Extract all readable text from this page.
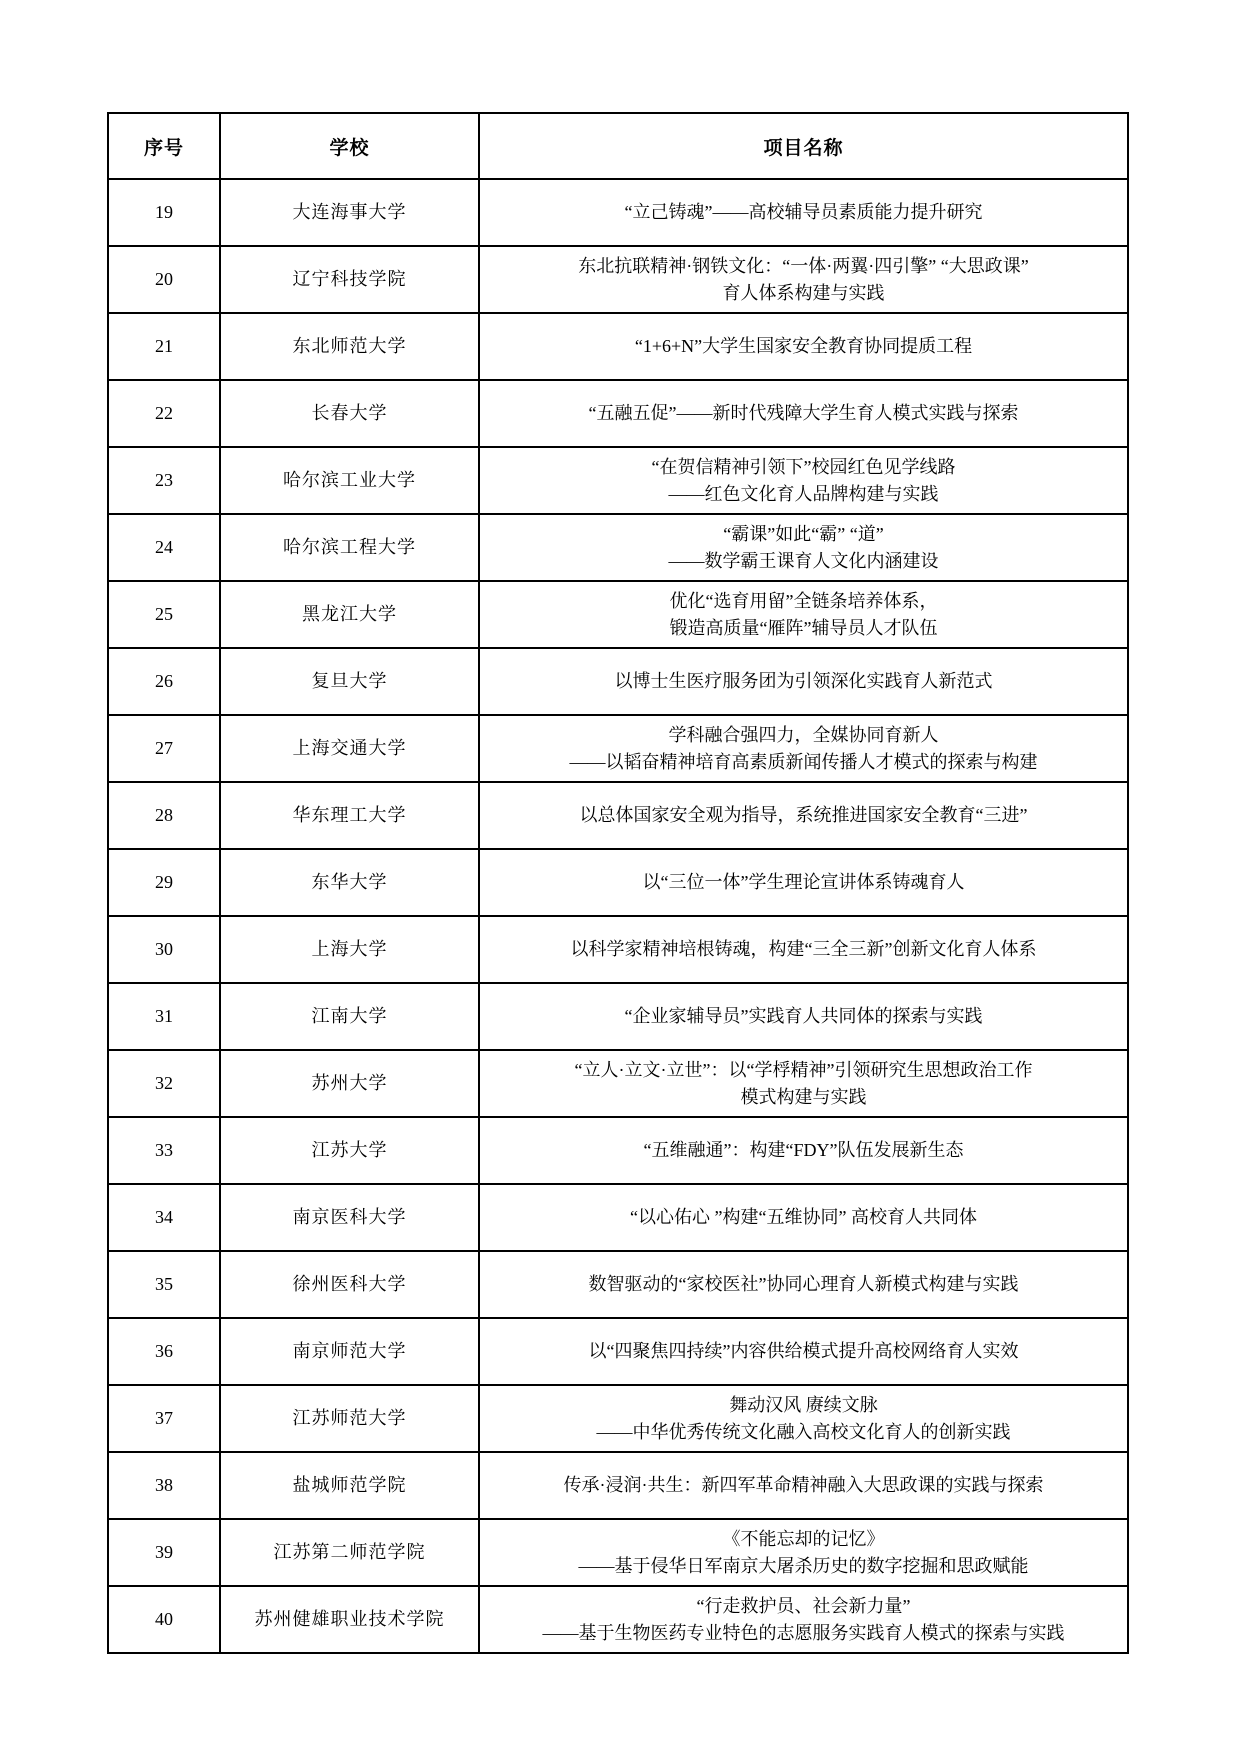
序号	学校	项目名称
19	大连海事大学	“立己铸魂”——高校辅导员素质能力提升研究

20	辽宁科技学院	东北抗联精神·钢铁文化：“一体·两翼·四引擎” “大思政课”
育人体系构建与实践

21	东北师范大学	“1+6+N”大学生国家安全教育协同提质工程

22	长春大学	“五融五促”——新时代残障大学生育人模式实践与探索

23	哈尔滨工业大学	“在贺信精神引领下”校园红色见学线路
——红色文化育人品牌构建与实践

24	哈尔滨工程大学	“霸课”如此“霸” “道”
——数学霸王课育人文化内涵建设

25	黑龙江大学	优化“选育用留”全链条培养体系，
锻造高质量“雁阵”辅导员人才队伍

26	复旦大学	以博士生医疗服务团为引领深化实践育人新范式

27	上海交通大学	学科融合强四力，全媒协同育新人
——以韬奋精神培育高素质新闻传播人才模式的探索与构建

28	华东理工大学	以总体国家安全观为指导，系统推进国家安全教育“三进”

29	东华大学	以“三位一体”学生理论宣讲体系铸魂育人

30	上海大学	以科学家精神培根铸魂，构建“三全三新”创新文化育人体系

31	江南大学	“企业家辅导员”实践育人共同体的探索与实践

32	苏州大学	“立人·立文·立世”：以“学桴精神”引领研究生思想政治工作
模式构建与实践

33	江苏大学	“五维融通”：构建“FDY”队伍发展新生态

34	南京医科大学	“以心佑心 ”构建“五维协同” 高校育人共同体

35	徐州医科大学	数智驱动的“家校医社”协同心理育人新模式构建与实践

36	南京师范大学	以“四聚焦四持续”内容供给模式提升高校网络育人实效

37	江苏师范大学	舞动汉风 赓续文脉
——中华优秀传统文化融入高校文化育人的创新实践

38	盐城师范学院	传承·浸润·共生：新四军革命精神融入大思政课的实践与探索

39	江苏第二师范学院	《不能忘却的记忆》
——基于侵华日军南京大屠杀历史的数字挖掘和思政赋能

40	苏州健雄职业技术学院	“行走救护员、社会新力量”
——基于生物医药专业特色的志愿服务实践育人模式的探索与实践
